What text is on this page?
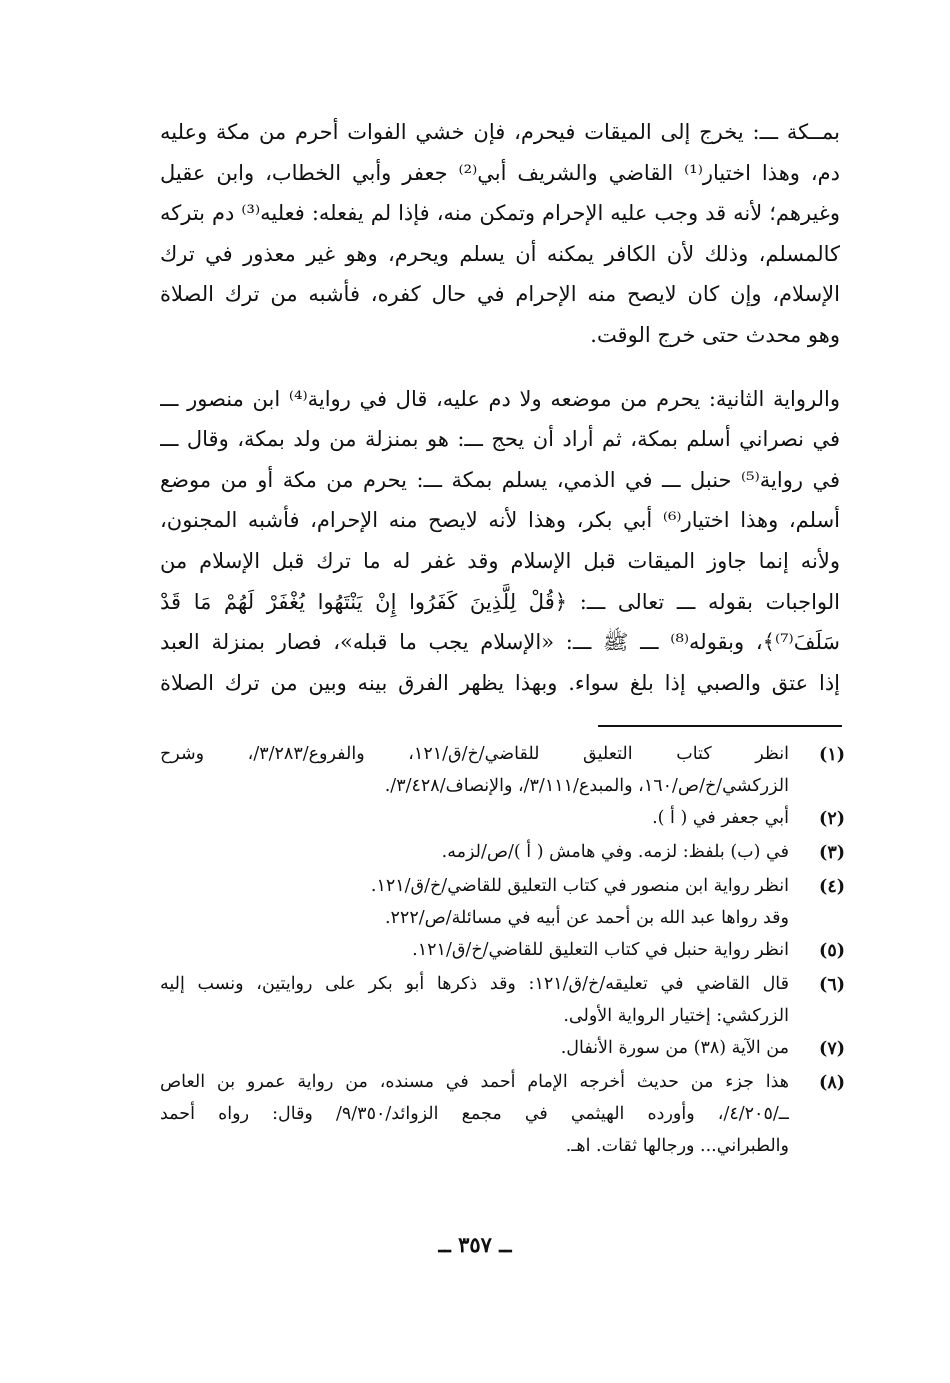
بمــكة ـــ: يخرج إلى الميقات فيحرم، فإن خشي الفوات أحرم من مكة وعليه
دم، وهذا اختيار⁽¹⁾ القاضي والشريف أبي⁽²⁾ جعفر وأبي الخطاب، وابن عقيل
وغيرهم؛ لأنه قد وجب عليه الإحرام وتمكن منه، فإذا لم يفعله: فعليه⁽³⁾ دم بتركه
كالمسلم، وذلك لأن الكافر يمكنه أن يسلم ويحرم، وهو غير معذور في ترك
الإسلام، وإن كان لايصح منه الإحرام في حال كفره، فأشبه من ترك الصلاة
وهو محدث حتى خرج الوقت.
والرواية الثانية: يحرم من موضعه ولا دم عليه، قال في رواية⁽⁴⁾ ابن منصور ـــ
في نصراني أسلم بمكة، ثم أراد أن يحج ـــ: هو بمنزلة من ولد بمكة، وقال ـــ
في رواية⁽⁵⁾ حنبل ـــ في الذمي، يسلم بمكة ـــ: يحرم من مكة أو من موضع
أسلم، وهذا اختيار⁽⁶⁾ أبي بكر، وهذا لأنه لايصح منه الإحرام، فأشبه المجنون،
ولأنه إنما جاوز الميقات قبل الإسلام وقد غفر له ما ترك قبل الإسلام من
الواجبات بقوله ـــ تعالى ـــ: ﴿قُلْ لِلَّذِينَ كَفَرُوا إِنْ يَنْتَهُوا يُغْفَرْ لَهُمْ مَا قَدْ
سَلَفَ⁽⁷⁾﴾، وبقوله⁽⁸⁾ ـــ ﷺ ـــ: «الإسلام يجب ما قبله»، فصار بمنزلة العبد
إذا عتق والصبي إذا بلغ سواء. وبهذا يظهر الفرق بينه وبين من ترك الصلاة
(١)
انظر كتاب التعليق للقاضي/خ/ق/١٢١، والفروع/٣/٢٨٣/، وشرح
الزركشي/خ/ص/١٦٠، والمبدع/٣/١١١/، والإنصاف/٣/٤٢٨/.
(٢)
أبي جعفر في ( أ ).
(٣)
في (ب) بلفظ: لزمه. وفي هامش ( أ )/ص/لزمه.
(٤)
انظر رواية ابن منصور في كتاب التعليق للقاضي/خ/ق/١٢١.
وقد رواها عبد الله بن أحمد عن أبيه في مسائلة/ص/٢٢٢.
(٥)
انظر رواية حنبل في كتاب التعليق للقاضي/خ/ق/١٢١.
(٦)
قال القاضي في تعليقه/خ/ق/١٢١: وقد ذكرها أبو بكر على روايتين، ونسب إليه
الزركشي: إختيار الرواية الأولى.
(٧)
من الآية (٣٨) من سورة الأنفال.
(٨)
هذا جزء من حديث أخرجه الإمام أحمد في مسنده، من رواية عمرو بن العاص
ــ/٤/٢٠٥/، وأورده الهيثمي في مجمع الزوائد/٩/٣٥٠/ وقال: رواه أحمد
والطبراني... ورجالها ثقات. اهـ.
ــ ٣٥٧ ــ
